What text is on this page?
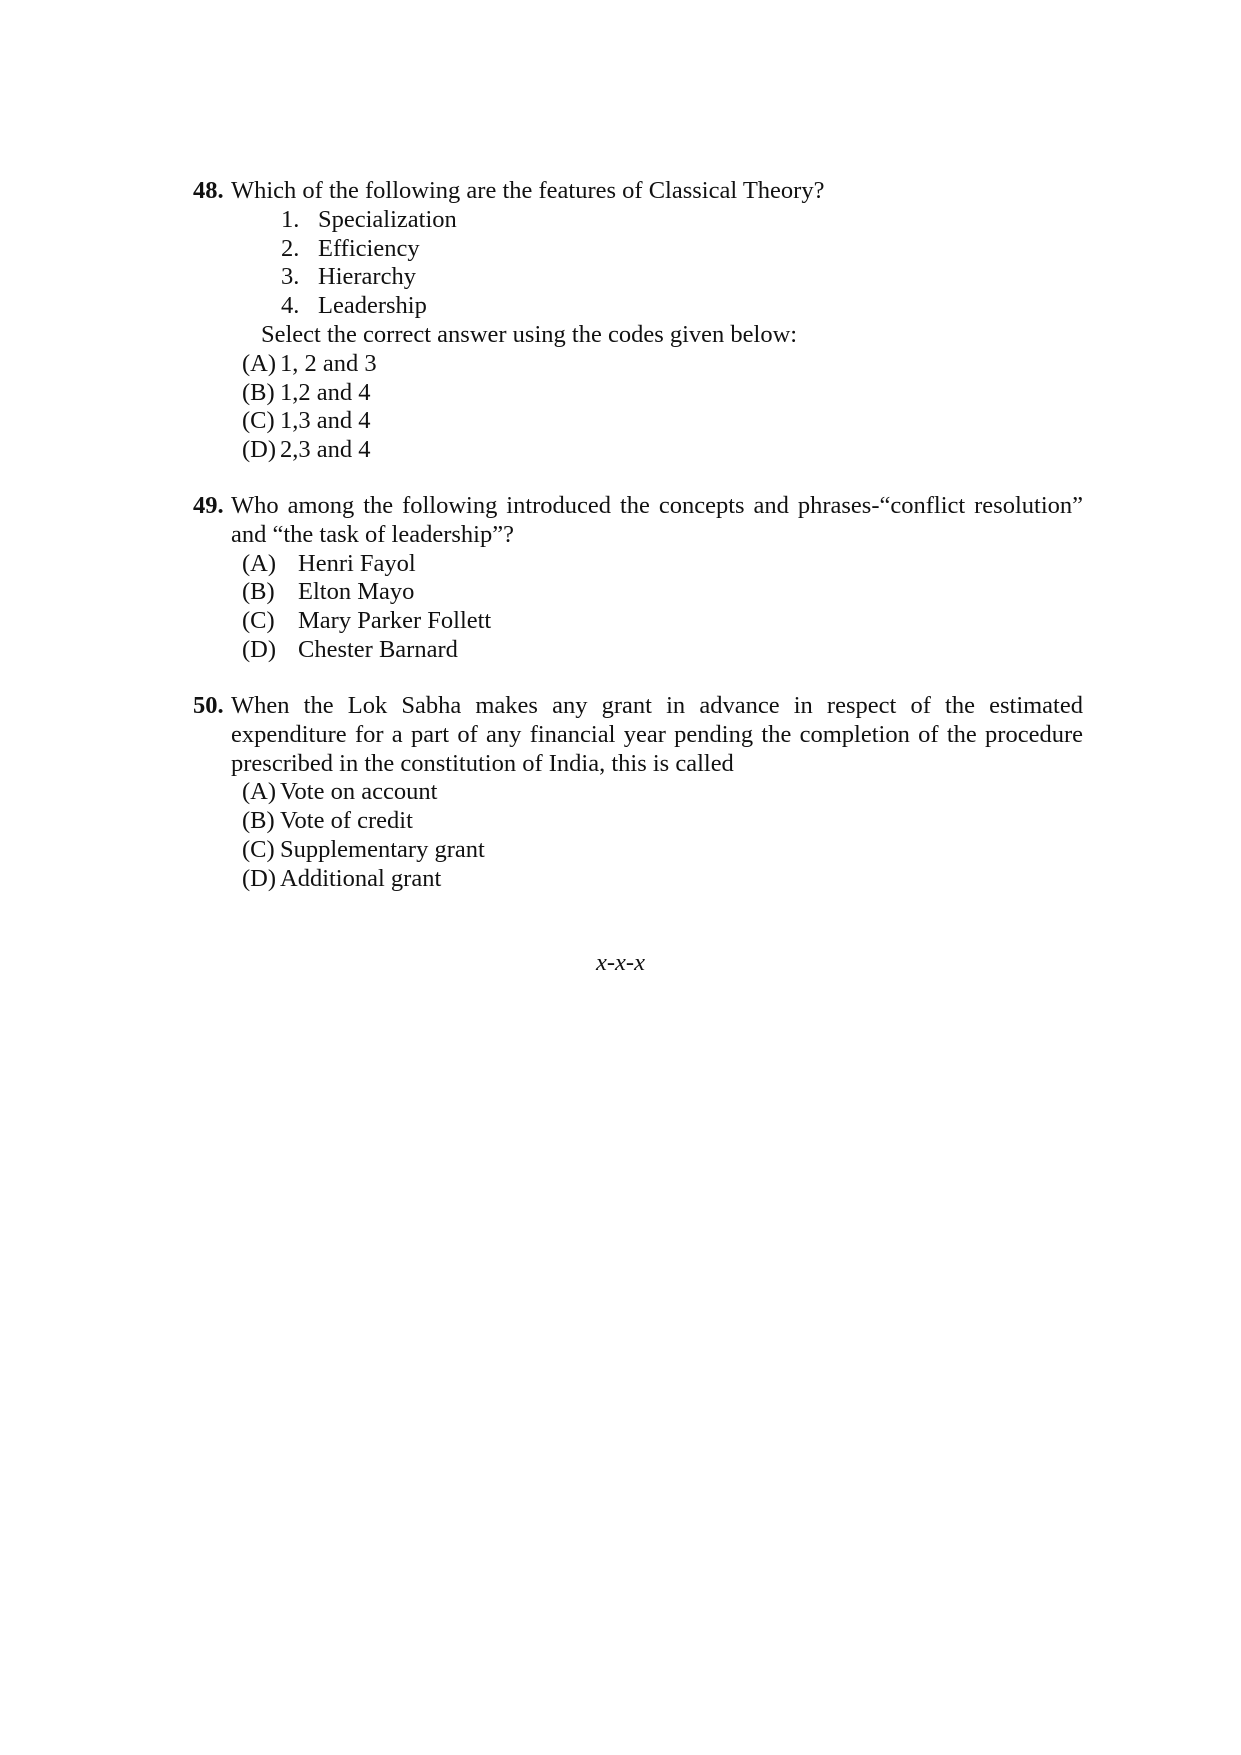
48. Which of the following are the features of Classical Theory?
1. Specialization
2. Efficiency
3. Hierarchy
4. Leadership
Select the correct answer using the codes given below:
(A) 1, 2 and 3
(B) 1,2 and 4
(C) 1,3 and 4
(D) 2,3 and 4
49. Who among the following introduced the concepts and phrases-“conflict resolution”
and “the task of leadership”?
(A) Henri Fayol
(B) Elton Mayo
(C) Mary Parker Follett
(D) Chester Barnard
50. When the Lok Sabha makes any grant in advance in respect of the estimated
expenditure for a part of any financial year pending the completion of the procedure
prescribed in the constitution of India, this is called
(A) Vote on account
(B) Vote of credit
(C) Supplementary grant
(D) Additional grant
x-x-x
